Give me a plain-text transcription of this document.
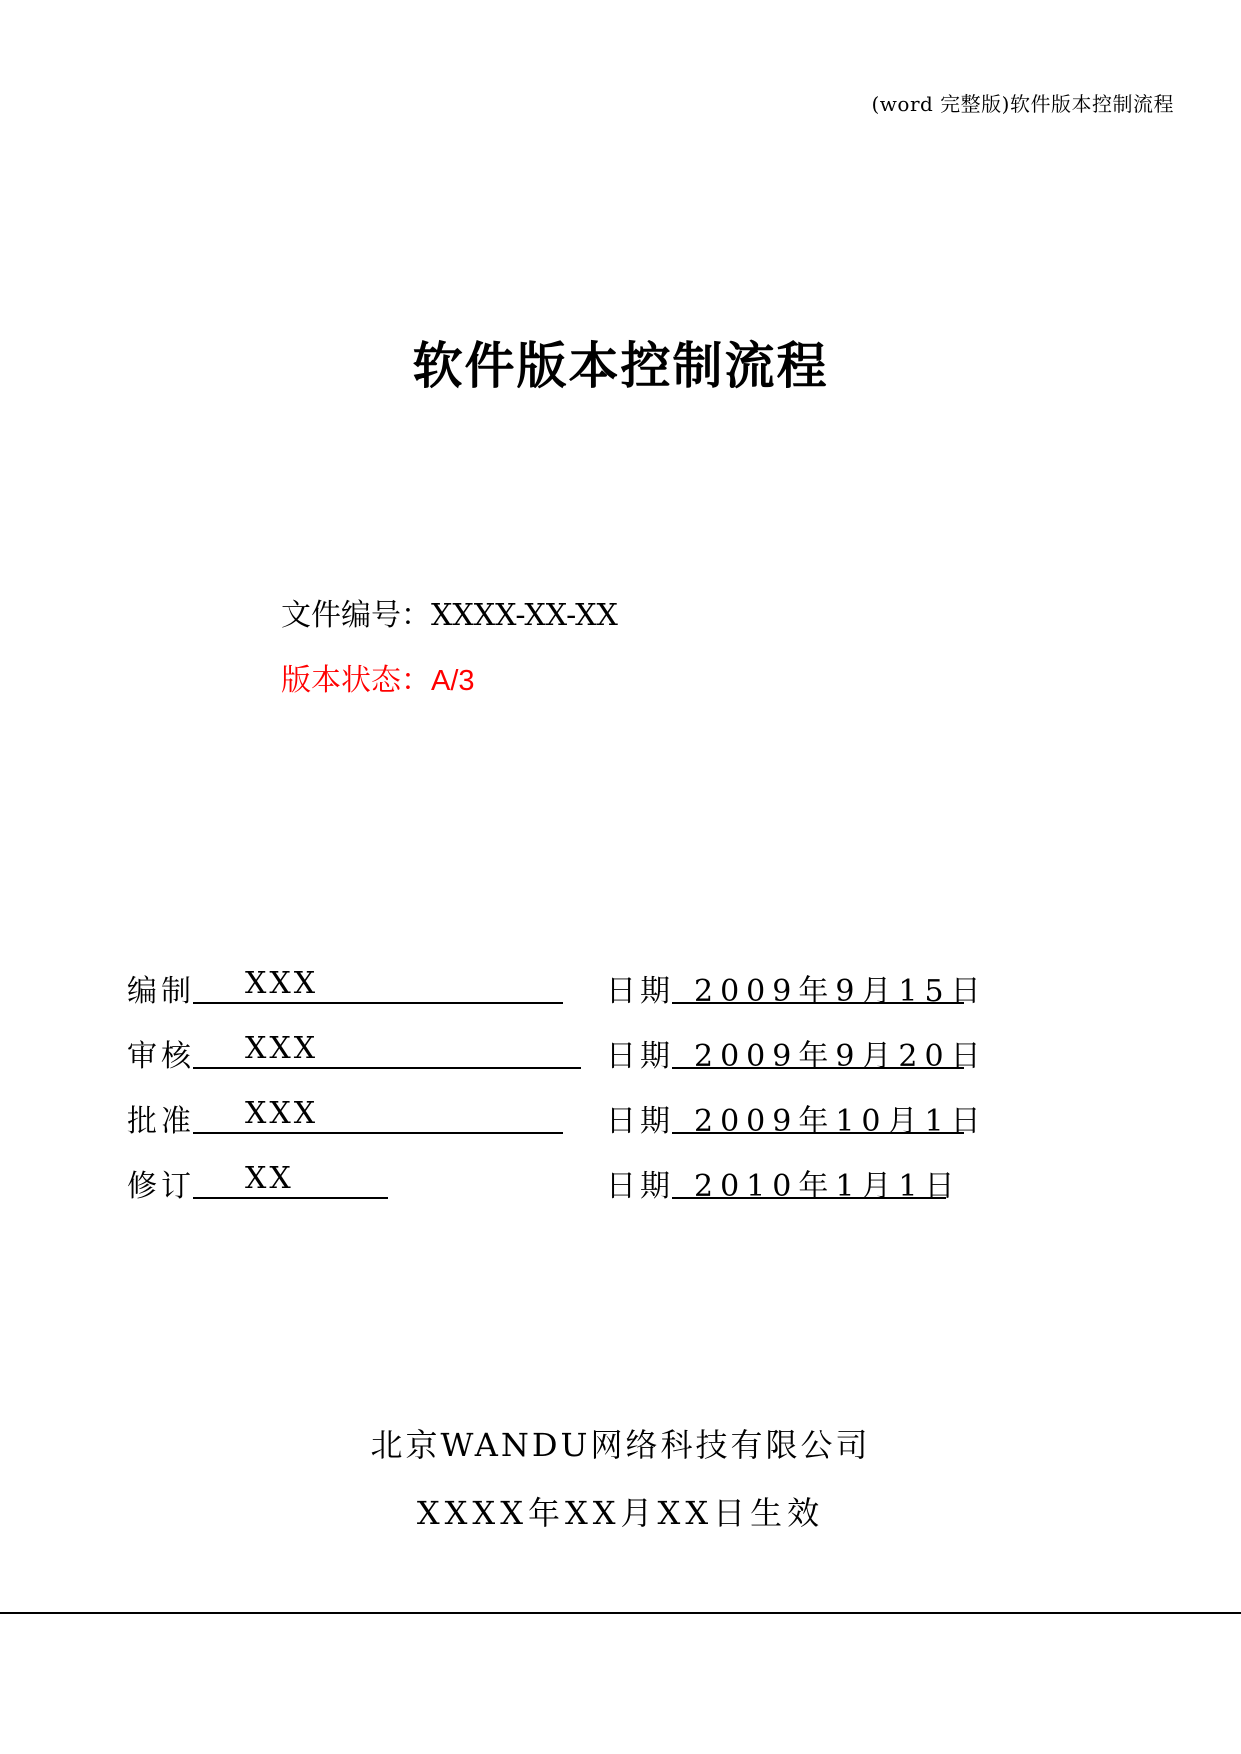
(word 完整版)软件版本控制流程
软件版本控制流程
文件编号：XXXX-XX-XX
版本状态：A/3
编制	XXX	日期 2009年9月15日
审核	XXX	日期 2009年9月20日
批准	XXX	日期 2009年10月1日
修订	XX	日期 2010年1月1日
北京WANDU网络科技有限公司
XXXX年XX月XX日生效
